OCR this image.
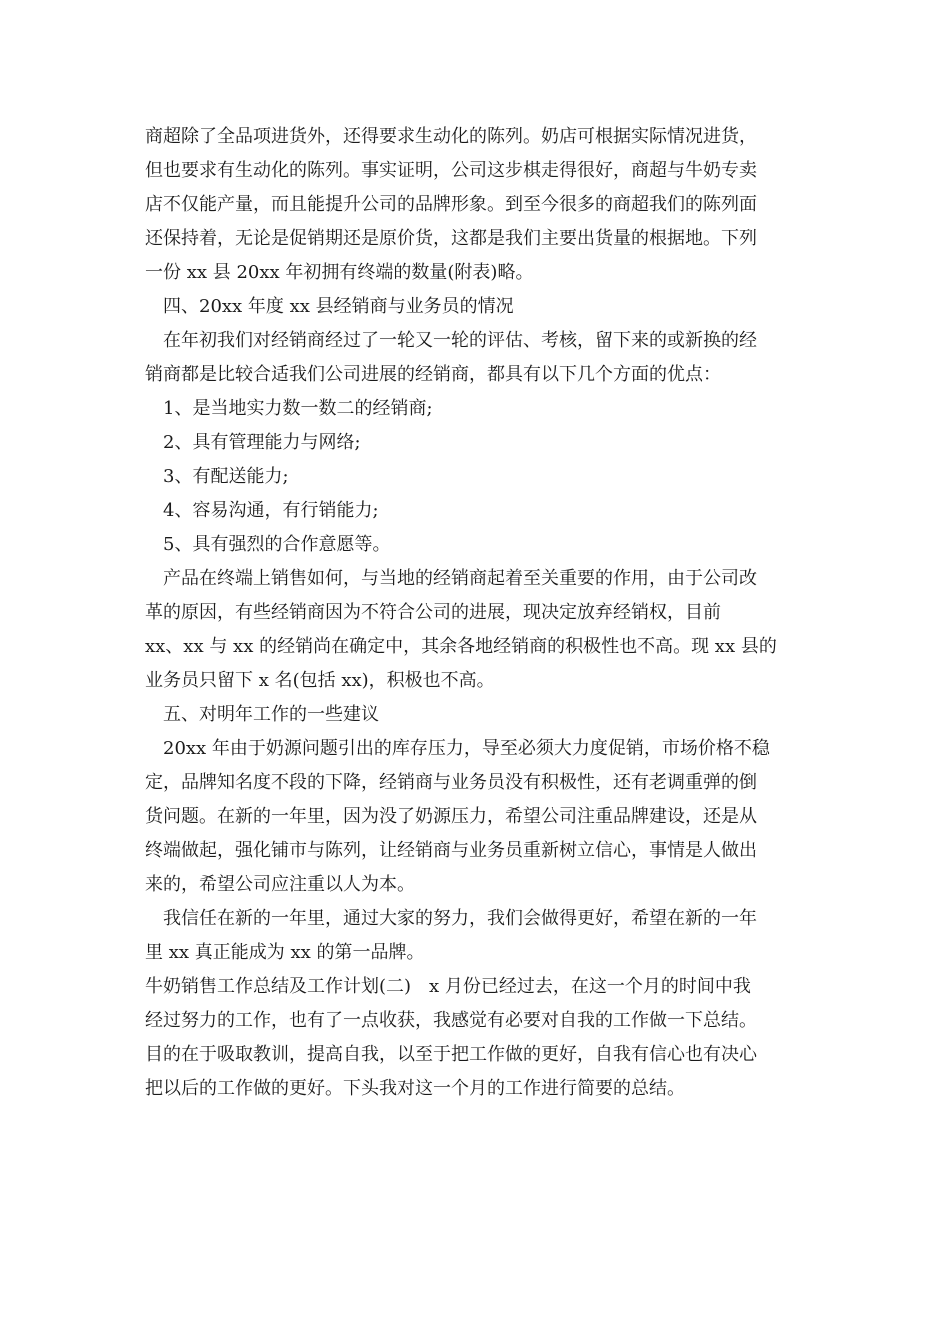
商超除了全品项进货外，还得要求生动化的陈列。奶店可根据实际情况进货，
但也要求有生动化的陈列。事实证明，公司这步棋走得很好，商超与牛奶专卖
店不仅能产量，而且能提升公司的品牌形象。到至今很多的商超我们的陈列面
还保持着，无论是促销期还是原价货，这都是我们主要出货量的根据地。下列
一份 xx 县 20xx 年初拥有终端的数量(附表)略。
四、20xx 年度 xx 县经销商与业务员的情况
在年初我们对经销商经过了一轮又一轮的评估、考核，留下来的或新换的经
销商都是比较合适我们公司进展的经销商，都具有以下几个方面的优点：
1、是当地实力数一数二的经销商;
2、具有管理能力与网络;
3、有配送能力;
4、容易沟通，有行销能力;
5、具有强烈的合作意愿等。
产品在终端上销售如何，与当地的经销商起着至关重要的作用，由于公司改
革的原因，有些经销商因为不符合公司的进展，现决定放弃经销权，目前
xx、xx 与 xx 的经销尚在确定中，其余各地经销商的积极性也不高。现 xx 县的
业务员只留下 x 名(包括 xx)，积极也不高。
五、对明年工作的一些建议
20xx 年由于奶源问题引出的库存压力，导至必须大力度促销，市场价格不稳
定，品牌知名度不段的下降，经销商与业务员没有积极性，还有老调重弹的倒
货问题。在新的一年里，因为没了奶源压力，希望公司注重品牌建设，还是从
终端做起，强化铺市与陈列，让经销商与业务员重新树立信心，事情是人做出
来的，希望公司应注重以人为本。
我信任在新的一年里，通过大家的努力，我们会做得更好，希望在新的一年
里 xx 真正能成为 xx 的第一品牌。
牛奶销售工作总结及工作计划(二)　x 月份已经过去，在这一个月的时间中我
经过努力的工作，也有了一点收获，我感觉有必要对自我的工作做一下总结。
目的在于吸取教训，提高自我，以至于把工作做的更好，自我有信心也有决心
把以后的工作做的更好。下头我对这一个月的工作进行简要的总结。
